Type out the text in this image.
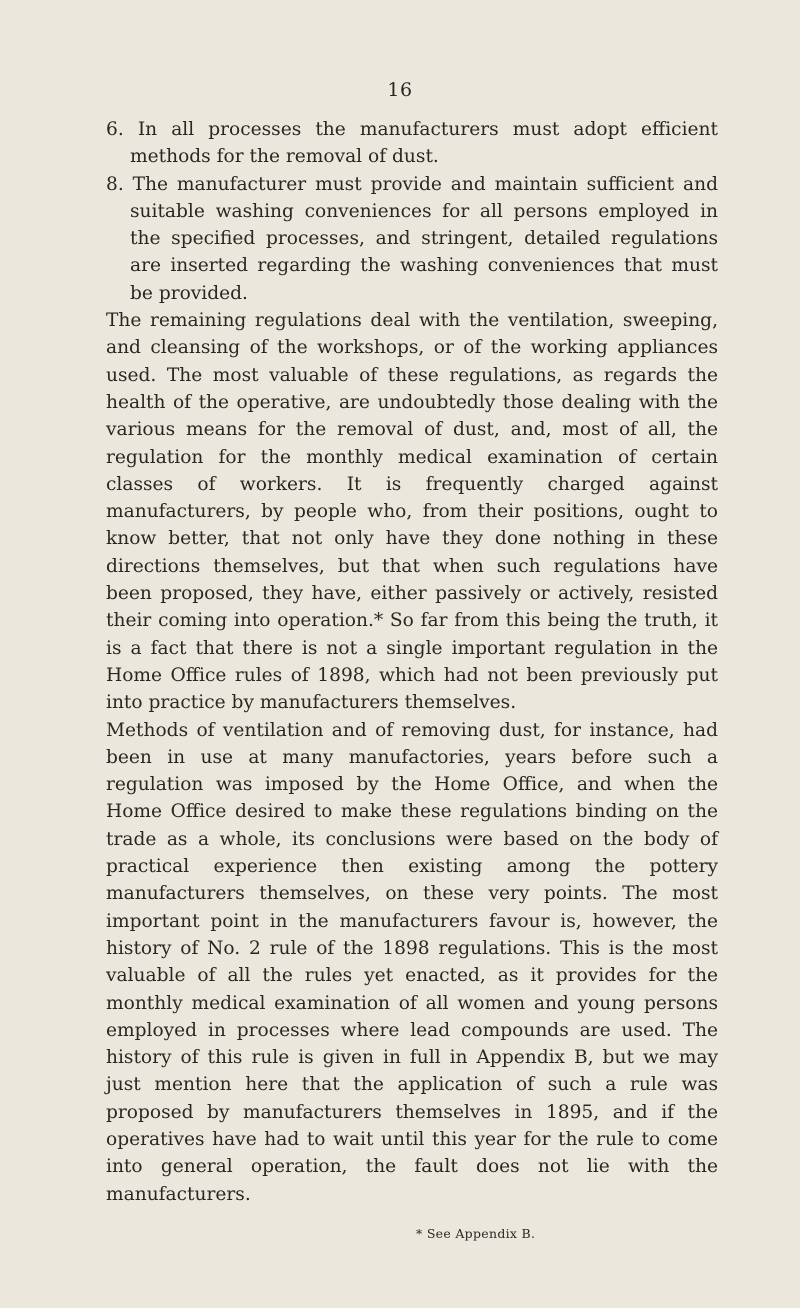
16

6. In all processes the manufacturers must adopt efficient methods for the removal of dust.

8. The manufacturer must provide and maintain sufficient and suitable washing conveniences for all persons employed in the specified processes, and stringent, detailed regulations are inserted regarding the washing conveniences that must be provided.

The remaining regulations deal with the ventilation, sweeping, and cleansing of the workshops, or of the working appliances used. The most valuable of these regulations, as regards the health of the operative, are undoubtedly those dealing with the various means for the removal of dust, and, most of all, the regulation for the monthly medical examination of certain classes of workers. It is frequently charged against manufacturers, by people who, from their positions, ought to know better, that not only have they done nothing in these directions themselves, but that when such regulations have been proposed, they have, either passively or actively, resisted their coming into operation.* So far from this being the truth, it is a fact that there is not a single important regulation in the Home Office rules of 1898, which had not been previously put into practice by manufacturers themselves.

Methods of ventilation and of removing dust, for instance, had been in use at many manufactories, years before such a regulation was imposed by the Home Office, and when the Home Office desired to make these regulations binding on the trade as a whole, its conclusions were based on the body of practical experience then existing among the pottery manufacturers themselves, on these very points. The most important point in the manufacturers favour is, however, the history of No. 2 rule of the 1898 regulations. This is the most valuable of all the rules yet enacted, as it provides for the monthly medical examination of all women and young persons employed in processes where lead compounds are used. The history of this rule is given in full in Appendix B, but we may just mention here that the application of such a rule was proposed by manufacturers themselves in 1895, and if the operatives have had to wait until this year for the rule to come into general operation, the fault does not lie with the manufacturers.

* See Appendix B.
